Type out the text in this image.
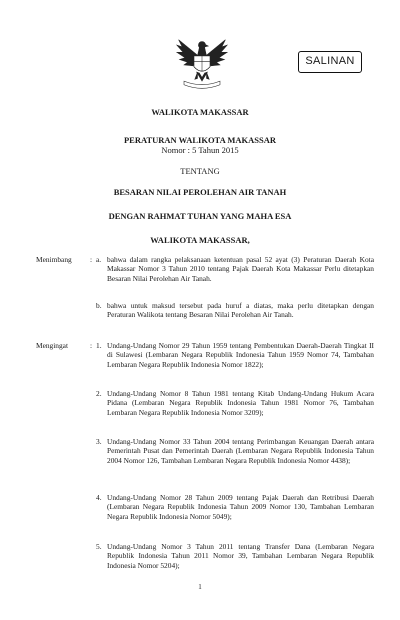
SALINAN
WALIKOTA MAKASSAR
PERATURAN WALIKOTA MAKASSAR
Nomor : 5 Tahun 2015
TENTANG
BESARAN NILAI PEROLEHAN AIR TANAH
DENGAN RAHMAT TUHAN YANG MAHA ESA
WALIKOTA MAKASSAR,
Menimbang : a. bahwa dalam rangka pelaksanaan ketentuan pasal 52 ayat (3) Peraturan Daerah Kota Makassar Nomor 3 Tahun 2010 tentang Pajak Daerah Kota Makassar Perlu ditetapkan Besaran Nilai Perolehan Air Tanah.
b. bahwa untuk maksud tersebut pada huruf a diatas, maka perlu ditetapkan dengan Peraturan Walikota tentang Besaran Nilai Perolehan Air Tanah.
Mengingat	: 1. Undang-Undang Nomor 29 Tahun 1959 tentang Pembentukan Daerah-Daerah Tingkat II di Sulawesi (Lembaran Negara Republik Indonesia Tahun 1959 Nomor 74, Tambahan Lembaran Negara Republik Indonesia Nomor 1822);
2. Undang-Undang Nomor 8 Tahun 1981 tentang Kitab Undang-Undang Hukum Acara Pidana (Lembaran Negara Republik Indonesia Tahun 1981 Nomor 76, Tambahan Lembaran Negara Republik Indonesia Nomor 3209);
3. Undang-Undang Nomor 33 Tahun 2004 tentang Perimbangan Keuangan Daerah antara Pemerintah Pusat dan Pemerintah Daerah (Lembaran Negara Republik Indonesia Tahun 2004 Nomor 126, Tambahan Lembaran Negara Republik Indonesia Nomor 4438);
4. Undang-Undang Nomor 28 Tahun 2009 tentang Pajak Daerah dan Retribusi Daerah (Lembaran Negara Republik Indonesia Tahun 2009 Nomor 130, Tambahan Lembaran Negara Republik Indonesia Nomor 5049);
5. Undang-Undang Nomor 3 Tahun 2011 tentang Transfer Dana (Lembaran Negara Republik Indonesia Tahun 2011 Nomor 39, Tambahan Lembaran Negara Republik Indonesia Nomor 5204);
1
